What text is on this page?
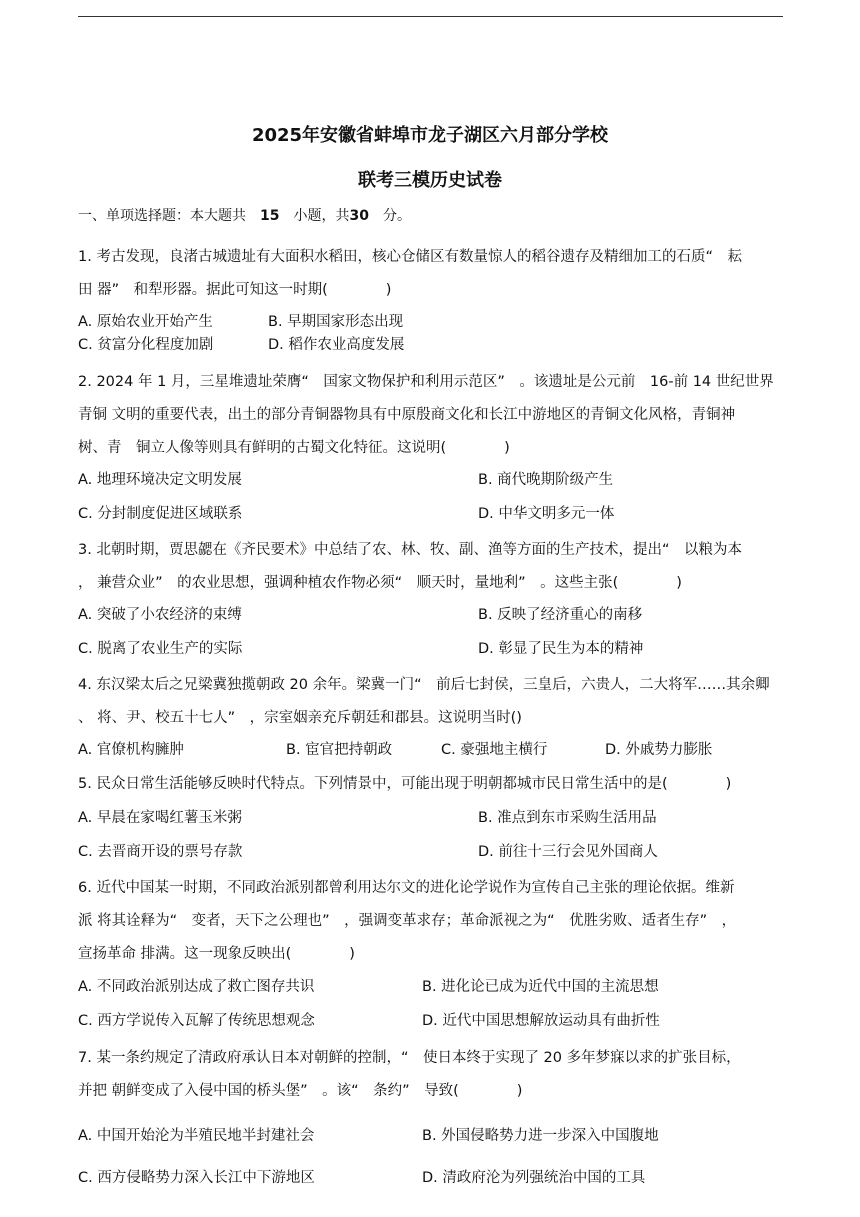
2025年安徽省蚌埠市龙子湖区六月部分学校
联考三模历史试卷
一、单项选择题：本大题共　 15　 小题，共30　 分。
1. 考古发现，良渚古城遗址有大面积水稻田，核心仓储区有数量惊人的稻谷遗存及精细加工的石质“　耘
田 器”　和犁形器。据此可知这一时期(　　　　)
A. 原始农业开始产生	B. 早期国家形态出现
C. 贫富分化程度加剧	D. 稻作农业高度发展
2. 2024 年 1 月，三星堆遗址荣膺“　国家文物保护和利用示范区”　。该遗址是公元前　16-前 14 世纪世界
青铜 文明的重要代表，出土的部分青铜器物具有中原殷商文化和长江中游地区的青铜文化风格，青铜神
树、青　铜立人像等则具有鲜明的古蜀文化特征。这说明(　　　　)
A. 地理环境决定文明发展	B. 商代晚期阶级产生
C. 分封制度促进区域联系	D. 中华文明多元一体
3. 北朝时期，贾思勰在《齐民要术》中总结了农、林、牧、副、渔等方面的生产技术，提出“　以粮为本
， 兼营众业”　的农业思想，强调种植农作物必须“　顺天时，量地利”　。这些主张(　　　　)
A. 突破了小农经济的束缚	B. 反映了经济重心的南移
C. 脱离了农业生产的实际	D. 彰显了民生为本的精神
4. 东汉梁太后之兄梁冀独揽朝政 20 余年。梁冀一门“　前后七封侯，三皇后，六贵人，二大将军……其余卿
、 将、尹、校五十七人”　，宗室姻亲充斥朝廷和郡县。这说明当时()
A. 官僚机构臃肿	B. 宦官把持朝政	C. 豪强地主横行	D. 外戚势力膨胀
5. 民众日常生活能够反映时代特点。下列情景中，可能出现于明朝都城市民日常生活中的是(　　　　)
A. 早晨在家喝红薯玉米粥	B. 准点到东市采购生活用品
C. 去晋商开设的票号存款	D. 前往十三行会见外国商人
6. 近代中国某一时期，不同政治派别都曾利用达尔文的进化论学说作为宣传自己主张的理论依据。维新
派 将其诠释为“　变者，天下之公理也”　，强调变革求存；革命派视之为“　优胜劣败、适者生存”　，
宣扬革命 排满。这一现象反映出(　　　　)
A. 不同政治派别达成了救亡图存共识	B. 进化论已成为近代中国的主流思想
C. 西方学说传入瓦解了传统思想观念	D. 近代中国思想解放运动具有曲折性
7. 某一条约规定了清政府承认日本对朝鲜的控制，“　使日本终于实现了 20 多年梦寐以求的扩张目标，
并把 朝鲜变成了入侵中国的桥头堡”　。该“　条约”　导致(　　　　)
A. 中国开始沦为半殖民地半封建社会	B. 外国侵略势力进一步深入中国腹地
C. 西方侵略势力深入长江中下游地区	D. 清政府沦为列强统治中国的工具
